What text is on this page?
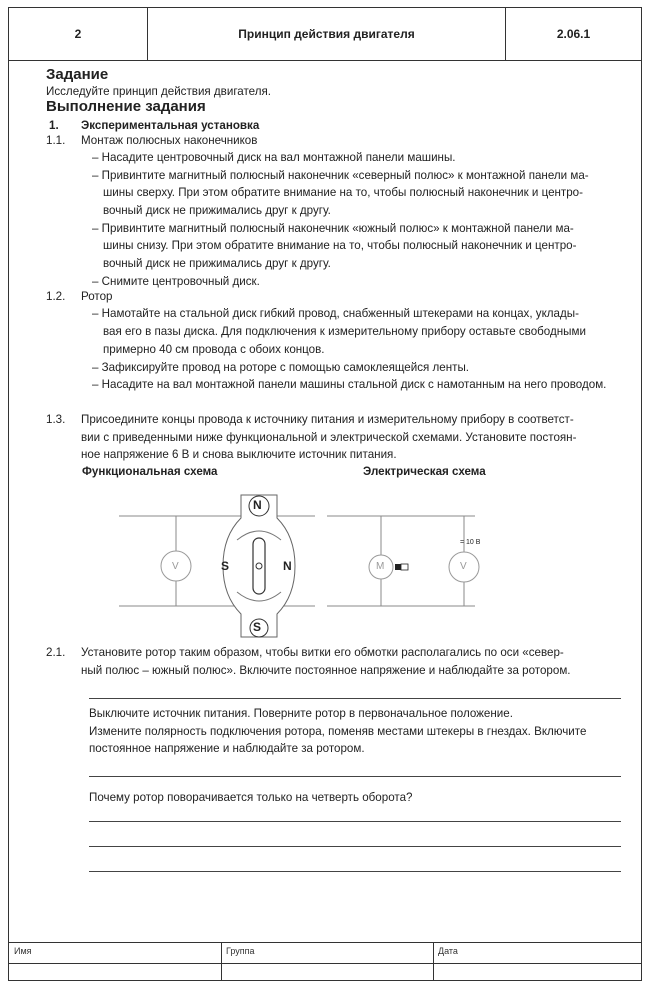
2	Принцип действия двигателя	2.06.1
Задание
Исследуйте принцип действия двигателя.
Выполнение задания
1. Экспериментальная установка
1.1. Монтаж полюсных наконечников
– Насадите центровочный диск на вал монтажной панели машины.
– Привинтите магнитный полюсный наконечник «северный полюс» к монтажной панели ма-
шины сверху. При этом обратите внимание на то, чтобы полюсный наконечник и центро-
вочный диск не прижимались друг к другу.
– Привинтите магнитный полюсный наконечник «южный полюс» к монтажной панели ма-
шины снизу. При этом обратите внимание на то, чтобы полюсный наконечник и центро-
вочный диск не прижимались друг к другу.
– Снимите центровочный диск.
1.2. Ротор
– Намотайте на стальной диск гибкий провод, снабженный штекерами на концах, уклады-
вая его в пазы диска. Для подключения к измерительному прибору оставьте свободными
примерно 40 см провода с обоих концов.
– Зафиксируйте провод на роторе с помощью самоклеящейся ленты.
– Насадите на вал монтажной панели машины стальной диск с намотанным на него проводом.
1.3. Присоедините концы провода к источнику питания и измерительному прибору в соответст-
вии с приведенными ниже функциональной и электрической схемами. Установите постоян-
ное напряжение 6 В и снова выключите источник питания.
Функциональная схема	Электрическая схема
N
S
S	N
V	M	V
= 10 В
2.1. Установите ротор таким образом, чтобы витки его обмотки располагались по оси «север-
ный полюс – южный полюс». Включите постоянное напряжение и наблюдайте за ротором.
Выключите источник питания. Поверните ротор в первоначальное положение.
Измените полярность подключения ротора, поменяв местами штекеры в гнездах. Включите
постоянное напряжение и наблюдайте за ротором.
Почему ротор поворачивается только на четверть оборота?
Имя	Группа	Дата
